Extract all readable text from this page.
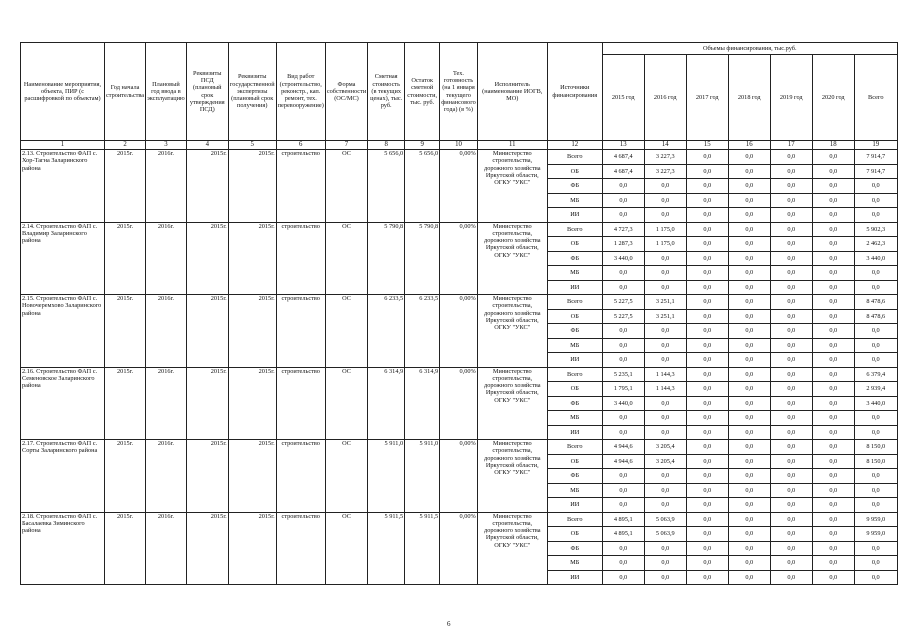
Наименование мероприятия, объекта, ПИР (с расшифровкой по объектам)	Год начала строительства	Плановый год ввода в эксплуатацию	Реквизиты ПСД (плановый срок утверждения ПСД)	Реквизиты государственной экспертизы (плановый срок получения)	Вид работ (строительство, реконстр., кап. ремонт, тех. перевооружение)	Форма собственности (ОС/МС)	Сметная стоимость (в текущих ценах), тыс. руб.	Остаток сметной стоимости, тыс. руб.	Тех. готовность (на 1 января текущего финансового года) (в %)	Исполнитель (наименование ИОГВ, МО)	Источники финансирования	Объемы финансирования, тыс.руб.						
												2015 год	2016 год	2017 год	2018 год	2019 год	2020 год	Всего
1	2	3	4	5	6	7	8	9	10	11	12	13	14	15	16	17	18	19
2.13. Строительство ФАП с. Хор-Тагна Заларинского района	2015г.	2016г.	2015г.	2015г.	строительство	ОС	5 656,0	5 656,0	0,00%	Министерство строительства, дорожного хозяйства Иркутской области, ОГКУ "УКС"	Всего	4 687,4	3 227,3	0,0	0,0	0,0	0,0	7 914,7
											ОБ	4 687,4	3 227,3	0,0	0,0	0,0	0,0	7 914,7
											ФБ	0,0	0,0	0,0	0,0	0,0	0,0	0,0
											МБ	0,0	0,0	0,0	0,0	0,0	0,0	0,0
											ИИ	0,0	0,0	0,0	0,0	0,0	0,0	0,0
2.14. Строительство ФАП с. Владимир Заларинского района	2015г.	2016г.	2015г.	2015г.	строительство	ОС	5 790,8	5 790,8	0,00%	Министерство строительства, дорожного хозяйства Иркутской области, ОГКУ "УКС"	Всего	4 727,3	1 175,0	0,0	0,0	0,0	0,0	5 902,3
											ОБ	1 287,3	1 175,0	0,0	0,0	0,0	0,0	2 462,3
											ФБ	3 440,0	0,0	0,0	0,0	0,0	0,0	3 440,0
											МБ	0,0	0,0	0,0	0,0	0,0	0,0	0,0
											ИИ	0,0	0,0	0,0	0,0	0,0	0,0	0,0
2.15. Строительство ФАП с. Новочеремхово Заларинского района	2015г.	2016г.	2015г.	2015г.	строительство	ОС	6 233,5	6 233,5	0,00%	Министерство строительства, дорожного хозяйства Иркутской области, ОГКУ "УКС"	Всего	5 227,5	3 251,1	0,0	0,0	0,0	0,0	8 478,6
											ОБ	5 227,5	3 251,1	0,0	0,0	0,0	0,0	8 478,6
											ФБ	0,0	0,0	0,0	0,0	0,0	0,0	0,0
											МБ	0,0	0,0	0,0	0,0	0,0	0,0	0,0
											ИИ	0,0	0,0	0,0	0,0	0,0	0,0	0,0
2.16. Строительство ФАП с. Семеновское Заларинского района	2015г.	2016г.	2015г.	2015г.	строительство	ОС	6 314,9	6 314,9	0,00%	Министерство строительства, дорожного хозяйства Иркутской области, ОГКУ "УКС"	Всего	5 235,1	1 144,3	0,0	0,0	0,0	0,0	6 379,4
											ОБ	1 795,1	1 144,3	0,0	0,0	0,0	0,0	2 939,4
											ФБ	3 440,0	0,0	0,0	0,0	0,0	0,0	3 440,0
											МБ	0,0	0,0	0,0	0,0	0,0	0,0	0,0
											ИИ	0,0	0,0	0,0	0,0	0,0	0,0	0,0
2.17. Строительство ФАП с. Сорты Заларинского района	2015г.	2016г.	2015г.	2015г.	строительство	ОС	5 911,0	5 911,0	0,00%	Министерство строительства, дорожного хозяйства Иркутской области, ОГКУ "УКС"	Всего	4 944,6	3 205,4	0,0	0,0	0,0	0,0	8 150,0
											ОБ	4 944,6	3 205,4	0,0	0,0	0,0	0,0	8 150,0
											ФБ	0,0	0,0	0,0	0,0	0,0	0,0	0,0
											МБ	0,0	0,0	0,0	0,0	0,0	0,0	0,0
											ИИ	0,0	0,0	0,0	0,0	0,0	0,0	0,0
2.18. Строительство ФАП с. Басалаевка Зиминского района	2015г.	2016г.	2015г.	2015г.	строительство	ОС	5 911,5	5 911,5	0,00%	Министерство строительства, дорожного хозяйства Иркутской области, ОГКУ "УКС"	Всего	4 895,1	5 063,9	0,0	0,0	0,0	0,0	9 959,0
											ОБ	4 895,1	5 063,9	0,0	0,0	0,0	0,0	9 959,0
											ФБ	0,0	0,0	0,0	0,0	0,0	0,0	0,0
											МБ	0,0	0,0	0,0	0,0	0,0	0,0	0,0
											ИИ	0,0	0,0	0,0	0,0	0,0	0,0	0,0
6
